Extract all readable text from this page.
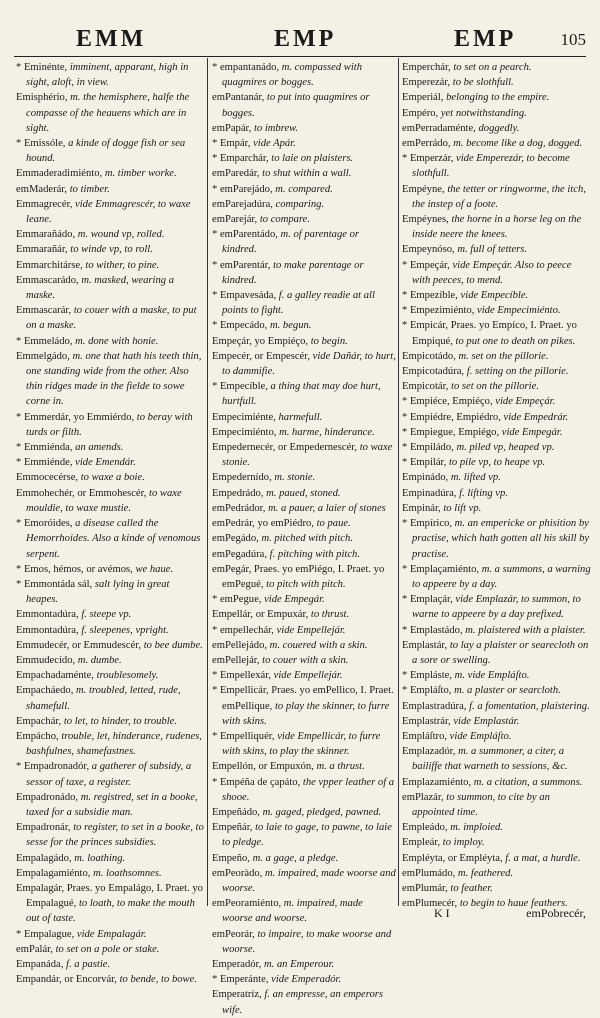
EMM	EMP	EMP	105

* Eminénte, imminent, apparant, high in sight, aloft, in view.

Emisphério, m. the hemisphere, halfe the compasse of the heauens which are in sight.

* Emissóle, a kinde of dogge fish or sea hound.

Emmaderadimiénto, m. timber worke.

emMaderár, to timber.

Emmagrecér, vide Emmagrescér, to waxe leane.

Emmarañádo, m. wound vp, rolled.

Emmarañár, to winde vp, to roll.

Emmarchitárse, to wither, to pine.

Emmascarádo, m. masked, wearing a maske.

Emmascarár, to couer with a maske, to put on a maske.

* Emmeládo, m. done with honie.

Emmelgádo, m. one that hath his teeth thin, one standing wide from the other. Also thin ridges made in the fielde to sowe corne in.

* Emmerdár, yo Emmiérdo, to beray with turds or filth.

* Emmiénda, an amends.

* Emmiénde, vide Emendár.

Emmocecérse, to waxe a boie.

Emmohechér, or Emmohescér, to waxe mouldie, to waxe mustie.

* Emoróides, a disease called the Hemorrhoides. Also a kinde of venomous serpent.

* Emos, hémos, or avémos, we haue.

* Emmontáda sál, salt lying in great heapes.

Emmontadúra, f. steepe vp.

Emmontadúra, f. sleepenes, vpright.

Emmudecér, or Emmudescér, to bee dumbe.

Emmudecído, m. dumbe.

Empachadaménte, troublesomely.

Empacháedo, m. troubled, letted, rude, shamefull.

Empachár, to let, to hinder, to trouble.

Empácho, trouble, let, hinderance, rudenes, bashfulnes, shamefastnes.

* Empadronadór, a gatherer of subsidy, a sessor of taxe, a register.

Empadronádo, m. registred, set in a booke, taxed for a subsidie man.

Empadronár, to register, to set in a booke, to sesse for the princes subsidies.

Empalagádo, m. loathing.

Empalagamiénto, m. loathsomnes.

Empalagár, Praes. yo Empalágo, I. Praet. yo Empalagué, to loath, to make the mouth out of taste.

* Empalague, vide Empalagár.

emPalár, to set on a pole or stake.

Empanáda, f. a pastie.

Empandár, or Encorvár, to bende, to bowe.

* empantanádo, m. compassed with quagmires or bogges.

emPantanár, to put into quagmires or bogges.

emPapár, to imbrew.

* Empár, vide Apár.

* Emparchár, to laie on plaisters.

emParedár, to shut within a wall.

* emParejádo, m. compared.

emParejadúra, comparing.

emParejár, to compare.

* emParentádo, m. of parentage or kindred.

* emParentár, to make parentage or kindred.

* Empavesáda, f. a galley readie at all points to fight.

* Empecádo, m. begun.

Empeçár, yo Empiéço, to begin.

Empecér, or Empescér, vide Dañár, to hurt, to dammifie.

* Empecíble, a thing that may doe hurt, hurtfull.

Empecimiénte, harmefull.

Empecimiénto, m. harme, hinderance.

Empedernecér, or Empedernescér, to waxe stonie.

Empedernído, m. stonie.

Empedrádo, m. paued, stoned.

emPedrádor, m. a pauer, a laier of stones

emPedrár, yo emPiédro, to paue.

emPegádo, m. pitched with pitch.

emPegadúra, f. pitching with pitch.

emPegár, Praes. yo emPiégo, I. Praet. yo emPegué, to pitch with pitch.

* emPegue, vide Empegár.

Empellár, or Empuxár, to thrust.

* empellechár, vide Empellejár.

emPellejádo, m. couered with a skin.

emPellejár, to couer with a skin.

* Empellexár, vide Empellejár.

* Empellicár, Praes. yo emPellico, I. Praet. emPellique, to play the skinner, to furre with skins.

* Empelliquér, vide Empellicár, to furre with skins, to play the skinner.

Empellón, or Empuxón, m. a thrust.

* Empéña de çapáto, the vpper leather of a shooe.

Empeñádo, m. gaged, pledged, pawned.

Empeñár, to laie to gage, to pawne, to laie to pledge.

Empeño, m. a gage, a pledge.

emPeoràdo, m. impaired, made woorse and woorse.

emPeoramiénto, m. impaired, made woorse and woorse.

emPeorár, to impaire, to make woorse and woorse.

Emperadór, m. an Emperour.

* Emperánte, vide Emperadór.

Emperatríz, f. an empresse, an emperors wife.

Emperchár, to set on a pearch.

Emperezár, to be slothfull.

Emperiál, belonging to the empire.

Empéro, yet notwithstanding.

emPerradaménte, doggedly.

emPerrádo, m. become like a dog, dogged.

* Emperzár, vide Emperezár, to become slothfull.

Empéyne, the tetter or ringworme, the itch, the instep of a foote.

Empéynes, the horne in a horse leg on the inside neere the knees.

Empeynóso, m. full of tetters.

* Empeçár, vide Empeçár. Also to peece with peeces, to mend.

* Empezíble, vide Empecíble.

* Empezimiénto, vide Empecimiénto.

* Empicár, Praes. yo Empíco, I. Praet. yo Empiqué, to put one to death on pikes.

Empicotádo, m. set on the pillorie.

Empicotadúra, f. setting on the pillorie.

Empicotár, to set on the pillorie.

* Empiéce, Empiéço, vide Empeçár.

* Empiédre, Empiédro, vide Empedrár.

* Empiegue, Empiégo, vide Empegár.

* Empiládo, m. piled vp, heaped vp.

* Empilár, to pile vp, to heape vp.

Empinádo, m. lifted vp.

Empinadúra, f. lifting vp.

Empinár, to lift vp.

* Empírico, m. an empericke or phisition by practise, which hath gotten all his skill by practise.

* Emplaçamiénto, m. a summons, a warning to appeere by a day.

* Emplaçár, vide Emplazár, to summon, to warne to appeere by a day prefixed.

* Emplastádo, m. plaistered with a plaister.

Emplastár, to lay a plaister or searecloth on a sore or swelling.

* Empláste, m. vide Empláſto.

* Empláſto, m. a plaster or searcloth.

Emplastradúra, f. a fomentation, plaistering.

Emplastrár, vide Emplastár.

Empláſtro, vide Empláſto.

Emplazadór, m. a summoner, a citer, a bailiffe that warneth to sessions, &c.

Emplazamiénto, m. a citation, a summons.

emPlazár, to summon, to cite by an appointed time.

Empleádo, m. imploied.

Empleár, to imploy.

Empléyta, or Empléyta, f. a mat, a hurdle.

emPlumádo, m. feathered.

emPlumár, to feather.

emPlumecér, to begin to haue feathers.

K I	emPobrecér,
